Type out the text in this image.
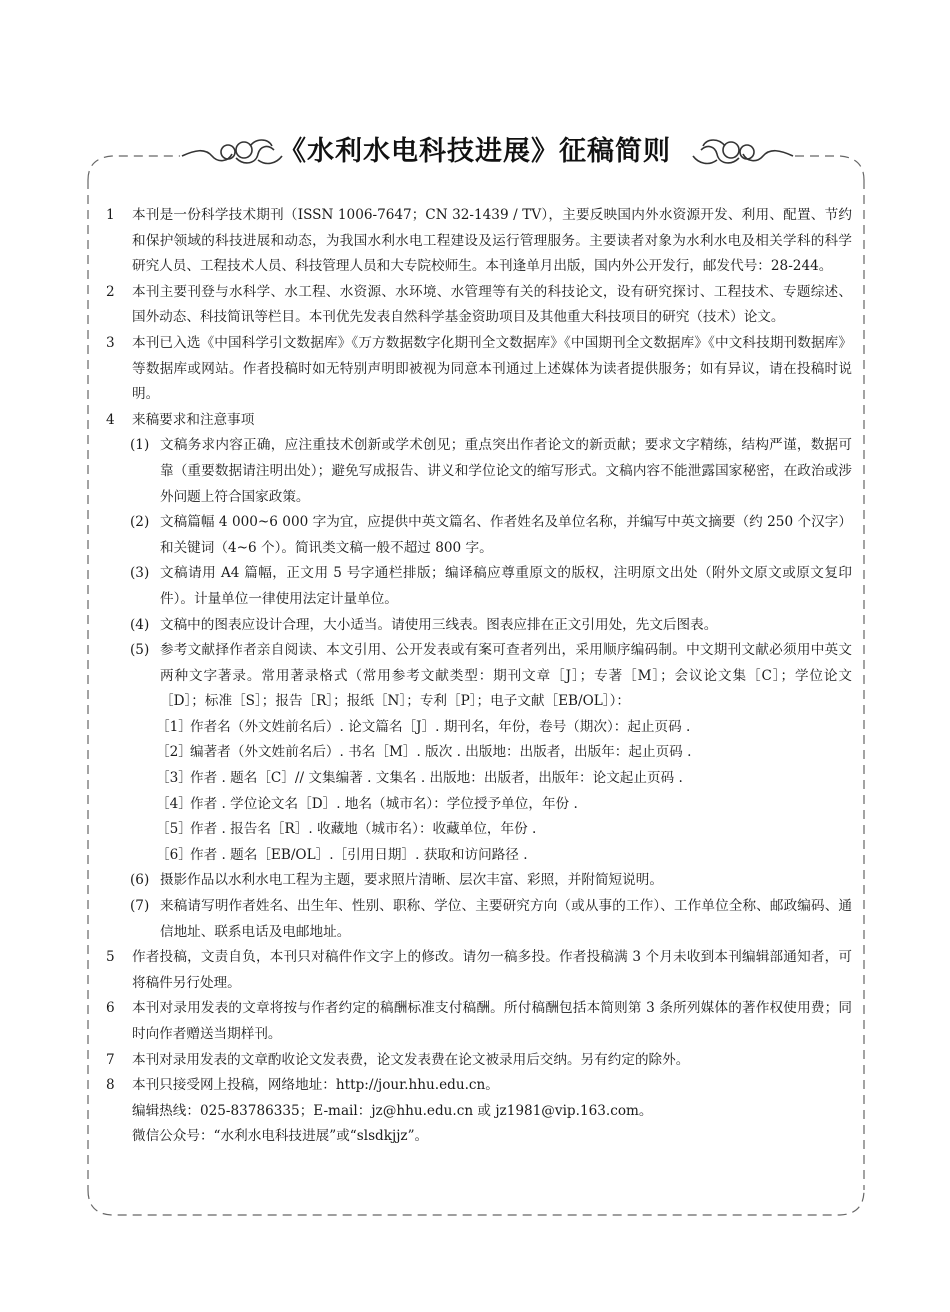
《水利水电科技进展》征稿简则
1 本刊是一份科学技术期刊（ISSN 1006-7647；CN 32-1439 / TV），主要反映国内外水资源开发、利用、配置、节约和保护领域的科技进展和动态，为我国水利水电工程建设及运行管理服务。主要读者对象为水利水电及相关学科的科学研究人员、工程技术人员、科技管理人员和大专院校师生。本刊逢单月出版，国内外公开发行，邮发代号：28-244。
2 本刊主要刊登与水科学、水工程、水资源、水环境、水管理等有关的科技论文，设有研究探讨、工程技术、专题综述、国外动态、科技简讯等栏目。本刊优先发表自然科学基金资助项目及其他重大科技项目的研究（技术）论文。
3 本刊已入选《中国科学引文数据库》《万方数据数字化期刊全文数据库》《中国期刊全文数据库》《中文科技期刊数据库》等数据库或网站。作者投稿时如无特别声明即被视为同意本刊通过上述媒体为读者提供服务；如有异议，请在投稿时说明。
4 来稿要求和注意事项
(1) 文稿务求内容正确，应注重技术创新或学术创见；重点突出作者论文的新贡献；要求文字精练，结构严谨，数据可靠（重要数据请注明出处）；避免写成报告、讲义和学位论文的缩写形式。文稿内容不能泄露国家秘密，在政治或涉外问题上符合国家政策。
(2) 文稿篇幅 4 000~6 000 字为宜，应提供中英文篇名、作者姓名及单位名称，并编写中英文摘要（约 250 个汉字）和关键词（4~6 个）。简讯类文稿一般不超过 800 字。
(3) 文稿请用 A4 篇幅，正文用 5 号字通栏排版；编译稿应尊重原文的版权，注明原文出处（附外文原文或原文复印件）。计量单位一律使用法定计量单位。
(4) 文稿中的图表应设计合理，大小适当。请使用三线表。图表应排在正文引用处，先文后图表。
(5) 参考文献择作者亲自阅读、本文引用、公开发表或有案可查者列出，采用顺序编码制。中文期刊文献必须用中英文两种文字著录。常用著录格式（常用参考文献类型：期刊文章［J］；专著［M］；会议论文集［C］；学位论文［D］；标准［S］；报告［R］；报纸［N］；专利［P］；电子文献［EB/OL］）：
［1］
作者名（外文姓前名后）. 论文篇名［J］. 期刊名，年份，卷号（期次）：起止页码 .
［2］
编著者（外文姓前名后）. 书名［M］. 版次 . 出版地：出版者，出版年：起止页码 .
［3］
作者 . 题名［C］// 文集编著 . 文集名 . 出版地：出版者，出版年：论文起止页码 .
［4］
作者 . 学位论文名［D］. 地名（城市名）：学位授予单位，年份 .
［5］
作者 . 报告名［R］. 收藏地（城市名）：收藏单位，年份 .
［6］
作者 . 题名［EB/OL］.［引用日期］. 获取和访问路径 .
(6) 摄影作品以水利水电工程为主题，要求照片清晰、层次丰富、彩照，并附简短说明。
(7) 来稿请写明作者姓名、出生年、性别、职称、学位、主要研究方向（或从事的工作）、工作单位全称、邮政编码、通信地址、联系电话及电邮地址。
5 作者投稿，文责自负，本刊只对稿件作文字上的修改。请勿一稿多投。作者投稿满 3 个月未收到本刊编辑部通知者，可将稿件另行处理。
6 本刊对录用发表的文章将按与作者约定的稿酬标准支付稿酬。所付稿酬包括本简则第 3 条所列媒体的著作权使用费；同时向作者赠送当期样刊。
7 本刊对录用发表的文章酌收论文发表费，论文发表费在论文被录用后交纳。另有约定的除外。
8 本刊只接受网上投稿，网络地址：http://jour.hhu.edu.cn。
编辑热线：025-83786335；E-mail：jz@hhu.edu.cn 或 jz1981@vip.163.com。
微信公众号：“水利水电科技进展”或“slsdkjjz”。
